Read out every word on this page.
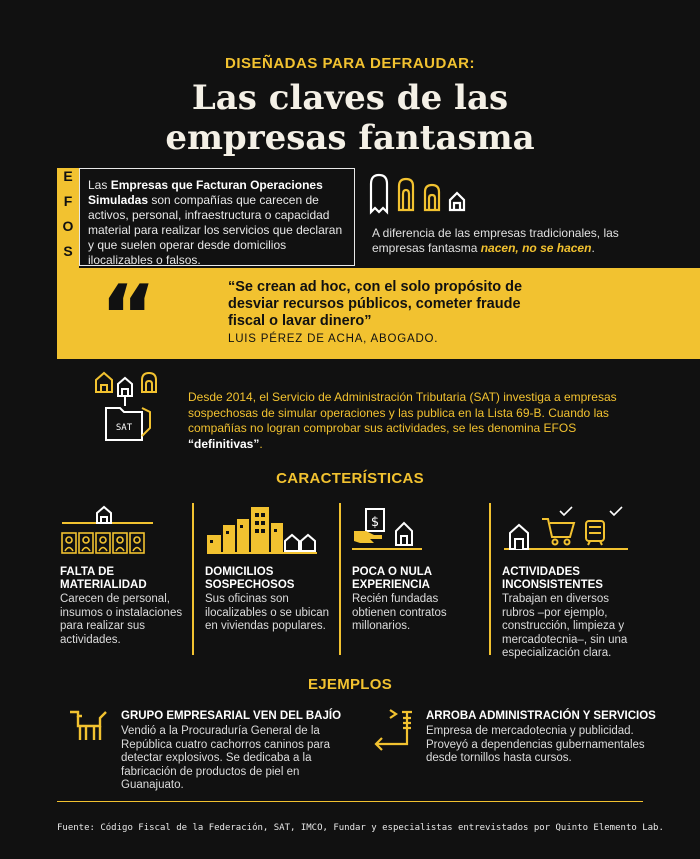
DISEÑADAS PARA DEFRAUDAR:
Las claves de las
empresas fantasma
E
F
O
S
Las Empresas que Facturan Operaciones Simuladas son compañías que carecen de activos, personal, infraestructura o capacidad material para realizar los servicios que declaran y que suelen operar desde domicilios ilocalizables o falsos.
A diferencia de las empresas tradicionales, las empresas fantasma nacen, no se hacen.
“	“Se crean ad hoc, con el solo propósito de desviar recursos públicos, cometer fraude fiscal o lavar dinero”
LUIS PÉREZ DE ACHA, ABOGADO.
SAT
Desde 2014, el Servicio de Administración Tributaria (SAT) investiga a empresas sospechosas de simular operaciones y las publica en la Lista 69-B. Cuando las compañías no logran comprobar sus actividades, se les denomina EFOS “definitivas”.
CARACTERÍSTICAS
FALTA DE MATERIALIDAD
Carecen de personal, insumos o instalaciones para realizar sus actividades.
DOMICILIOS SOSPECHOSOS
Sus oficinas son ilocalizables o se ubican en viviendas populares.
$
POCA O NULA EXPERIENCIA
Recién fundadas obtienen contratos millonarios.
ACTIVIDADES INCONSISTENTES
Trabajan en diversos rubros –por ejemplo, construcción, limpieza y mercadotecnia–, sin una especialización clara.
EJEMPLOS
GRUPO EMPRESARIAL VEN DEL BAJÍO
Vendió a la Procuraduría General de la República cuatro cachorros caninos para detectar explosivos. Se dedicaba a la fabricación de productos de piel en Guanajuato.
ARROBA ADMINISTRACIÓN Y SERVICIOS
Empresa de mercadotecnia y publicidad. Proveyó a dependencias gubernamentales desde tornillos hasta cursos.
Fuente: Código Fiscal de la Federación, SAT, IMCO, Fundar y especialistas entrevistados por Quinto Elemento Lab.
